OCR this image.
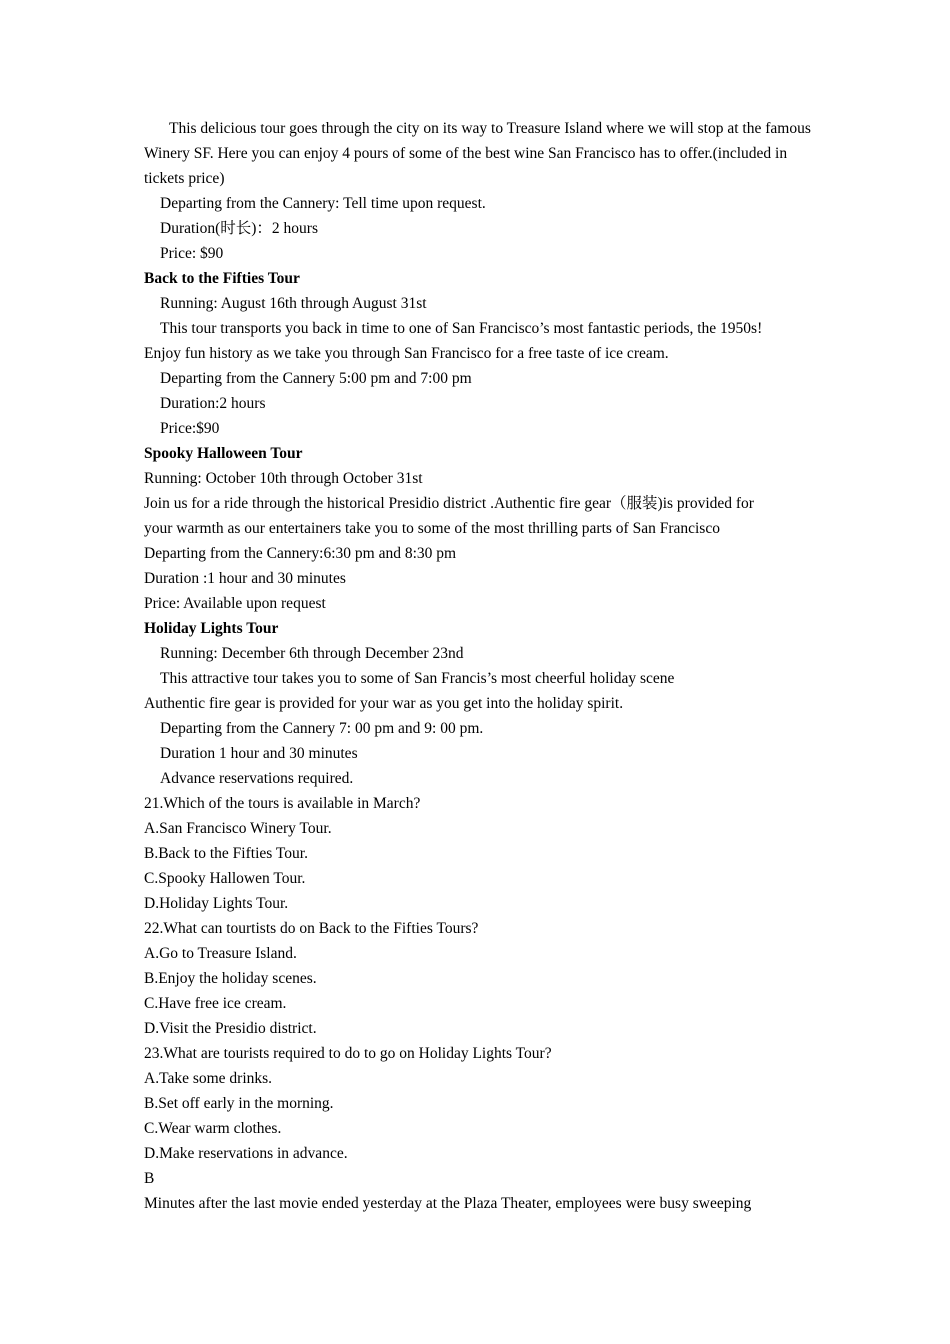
This delicious tour goes through the city on its way to Treasure Island where we will stop at the famous Winery SF. Here you can enjoy 4 pours of some of the best wine San Francisco has to offer.(included in tickets price)
Departing from the Cannery: Tell time upon request.
Duration(时长)：2 hours
Price: $90
Back to the Fifties Tour
Running: August 16th through August 31st
This tour transports you back in time to one of San Francisco’s most fantastic periods, the 1950s!
Enjoy fun history as we take you through San Francisco for a free taste of ice cream.
Departing from the Cannery 5:00 pm and 7:00 pm
Duration:2 hours
Price:$90
Spooky Halloween Tour
Running: October 10th through October 31st
Join us for a ride through the historical Presidio district .Authentic fire gear（服装)is provided for
your warmth as our entertainers take you to some of the most thrilling parts of San Francisco
Departing from the Cannery:6:30 pm and 8:30 pm
Duration :1 hour and 30 minutes
Price: Available upon request
Holiday Lights Tour
Running: December 6th through December 23nd
This attractive tour takes you to some of San Francis’s most cheerful holiday scene
Authentic fire gear is provided for your war as you get into the holiday spirit.
Departing from the Cannery 7: 00 pm and 9: 00 pm.
Duration 1 hour and 30 minutes
Advance reservations required.
21.Which of the tours is available in March?
A.San Francisco Winery Tour.
B.Back to the Fifties Tour.
C.Spooky Hallowen Tour.
D.Holiday Lights Tour.
22.What can tourtists do on Back to the Fifties Tours?
A.Go to Treasure Island.
B.Enjoy the holiday scenes.
C.Have free ice cream.
D.Visit the Presidio district.
23.What are tourists required to do to go on Holiday Lights Tour?
A.Take some drinks.
B.Set off early in the morning.
C.Wear warm clothes.
D.Make reservations in advance.
B
Minutes after the last movie ended yesterday at the Plaza Theater, employees were busy sweeping
